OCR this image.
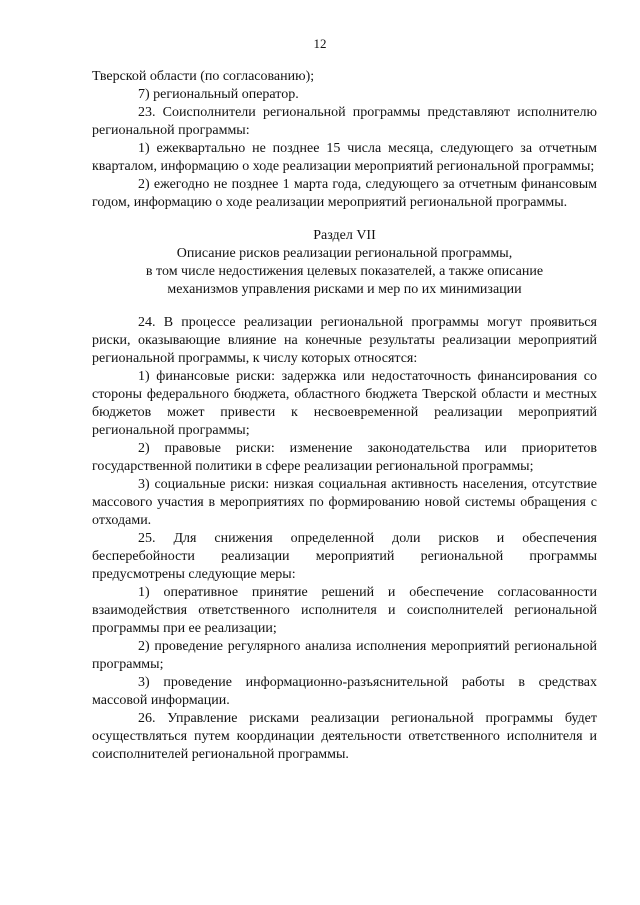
12
Тверской области (по согласованию);
7) региональный оператор.
23. Соисполнители региональной программы представляют исполнителю региональной программы:
1) ежеквартально не позднее 15 числа месяца, следующего за отчетным кварталом, информацию о ходе реализации мероприятий региональной программы;
2) ежегодно не позднее 1 марта года, следующего за отчетным финансовым годом, информацию о ходе реализации мероприятий региональной программы.
Раздел VII
Описание рисков реализации региональной программы,
в том числе недостижения целевых показателей, а также описание
механизмов управления рисками и мер по их минимизации
24. В процессе реализации региональной программы могут проявиться риски, оказывающие влияние на конечные результаты реализации мероприятий региональной программы, к числу которых относятся:
1) финансовые риски: задержка или недостаточность финансирования со стороны федерального бюджета, областного бюджета Тверской области и местных бюджетов может привести к несвоевременной реализации мероприятий региональной программы;
2) правовые риски: изменение законодательства или приоритетов государственной политики в сфере реализации региональной программы;
3) социальные риски: низкая социальная активность населения, отсутствие массового участия в мероприятиях по формированию новой системы обращения с отходами.
25. Для снижения определенной доли рисков и обеспечения бесперебойности реализации мероприятий региональной программы предусмотрены следующие меры:
1) оперативное принятие решений и обеспечение согласованности взаимодействия ответственного исполнителя и соисполнителей региональной программы при ее реализации;
2) проведение регулярного анализа исполнения мероприятий региональной программы;
3) проведение информационно-разъяснительной работы в средствах массовой информации.
26. Управление рисками реализации региональной программы будет осуществляться путем координации деятельности ответственного исполнителя и соисполнителей региональной программы.
